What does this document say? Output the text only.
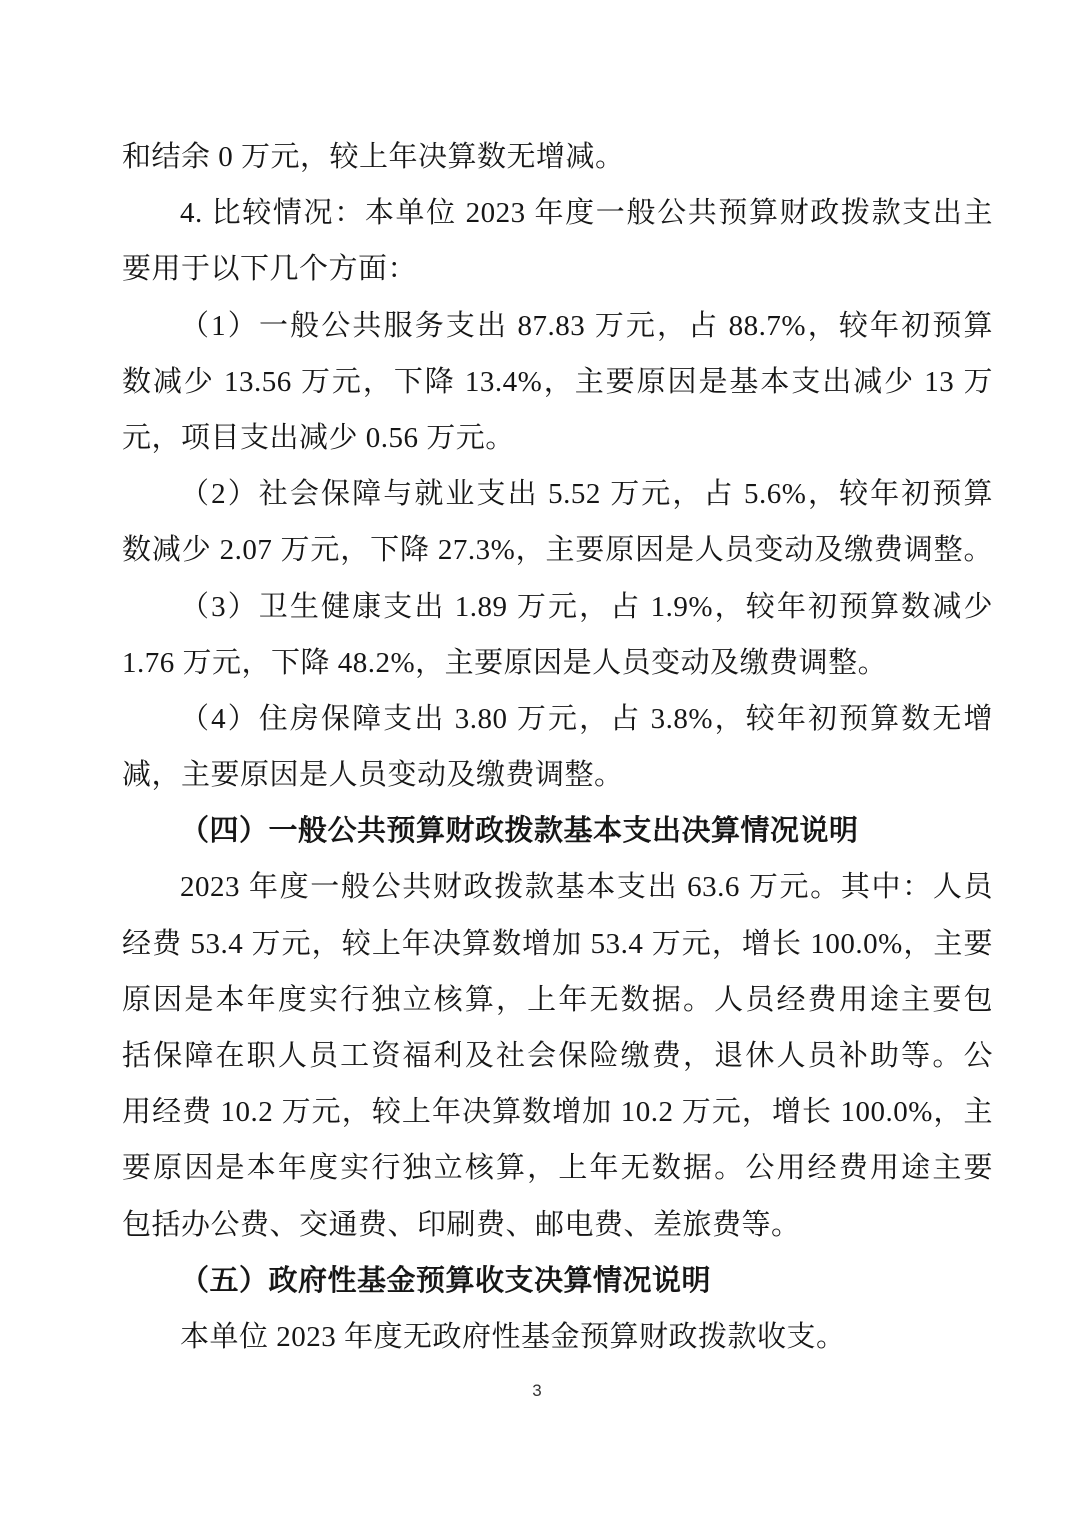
和结余 0 万元，较上年决算数无增减。
4. 比较情况：本单位 2023 年度一般公共预算财政拨款支出主
要用于以下几个方面：
（1）一般公共服务支出 87.83 万元，占 88.7%，较年初预算
数减少 13.56 万元，下降 13.4%，主要原因是基本支出减少 13 万
元，项目支出减少 0.56 万元。
（2）社会保障与就业支出 5.52 万元，占 5.6%，较年初预算
数减少 2.07 万元，下降 27.3%，主要原因是人员变动及缴费调整。
（3）卫生健康支出 1.89 万元，占 1.9%，较年初预算数减少
1.76 万元，下降 48.2%，主要原因是人员变动及缴费调整。
（4）住房保障支出 3.80 万元，占 3.8%，较年初预算数无增
减，主要原因是人员变动及缴费调整。
（四）一般公共预算财政拨款基本支出决算情况说明
2023 年度一般公共财政拨款基本支出 63.6 万元。其中：人员
经费 53.4 万元，较上年决算数增加 53.4 万元，增长 100.0%，主要
原因是本年度实行独立核算，上年无数据。人员经费用途主要包
括保障在职人员工资福利及社会保险缴费，退休人员补助等。公
用经费 10.2 万元，较上年决算数增加 10.2 万元，增长 100.0%，主
要原因是本年度实行独立核算，上年无数据。公用经费用途主要
包括办公费、交通费、印刷费、邮电费、差旅费等。
（五）政府性基金预算收支决算情况说明
本单位 2023 年度无政府性基金预算财政拨款收支。
3
